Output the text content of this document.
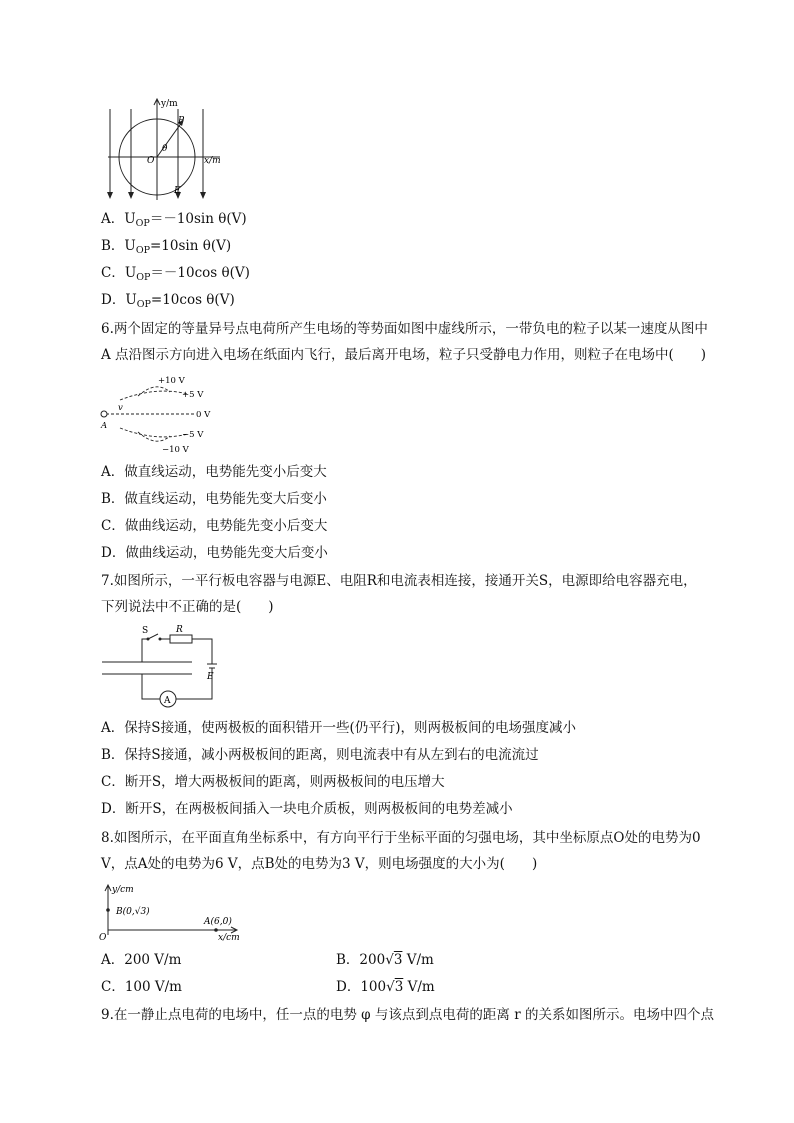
y/m
x/m
O
P
θ
E
A．$U_{OP}=-10\sin$ θ(V)
B．$U_{OP}=10\sin$ θ(V)
C．$U_{OP}=-10\cos$ θ(V)
D．$U_{OP}=10\cos$ θ(V)
6.两个固定的等量异号点电荷所产生电场的等势面如图中虚线所示，一带负电的粒子以某一速度从图中
A 点沿图示方向进入电场在纸面内飞行，最后离开电场，粒子只受静电力作用，则粒子在电场中(　　)
+10 V
+5 V
0 V
−5 V
−10 V
A
v
A．做直线运动，电势能先变小后变大
B．做直线运动，电势能先变大后变小
C．做曲线运动，电势能先变小后变大
D．做曲线运动，电势能先变大后变小
7.如图所示，一平行板电容器与电源E、电阻R和电流表相连接，接通开关S，电源即给电容器充电，
下列说法中不正确的是(　　)
S	R
E
A
A．保持S接通，使两极板的面积错开一些(仍平行)，则两极板间的电场强度减小
B．保持S接通，减小两极板间的距离，则电流表中有从左到右的电流流过
C．断开S，增大两极板间的距离，则两极板间的电压增大
D．断开S，在两极板间插入一块电介质板，则两极板间的电势差减小
8.如图所示，在平面直角坐标系中，有方向平行于坐标平面的匀强电场，其中坐标原点O处的电势为0
V，点A处的电势为6 V，点B处的电势为3 V，则电场强度的大小为(　　)
y/cm
x/cm
O
B(0,√3)
A(6,0)
A．200 V/m	B．200√3 V/m
C．100 V/m	D．100√3 V/m
9.在一静止点电荷的电场中，任一点的电势 φ 与该点到点电荷的距离 r 的关系如图所示。电场中四个点
